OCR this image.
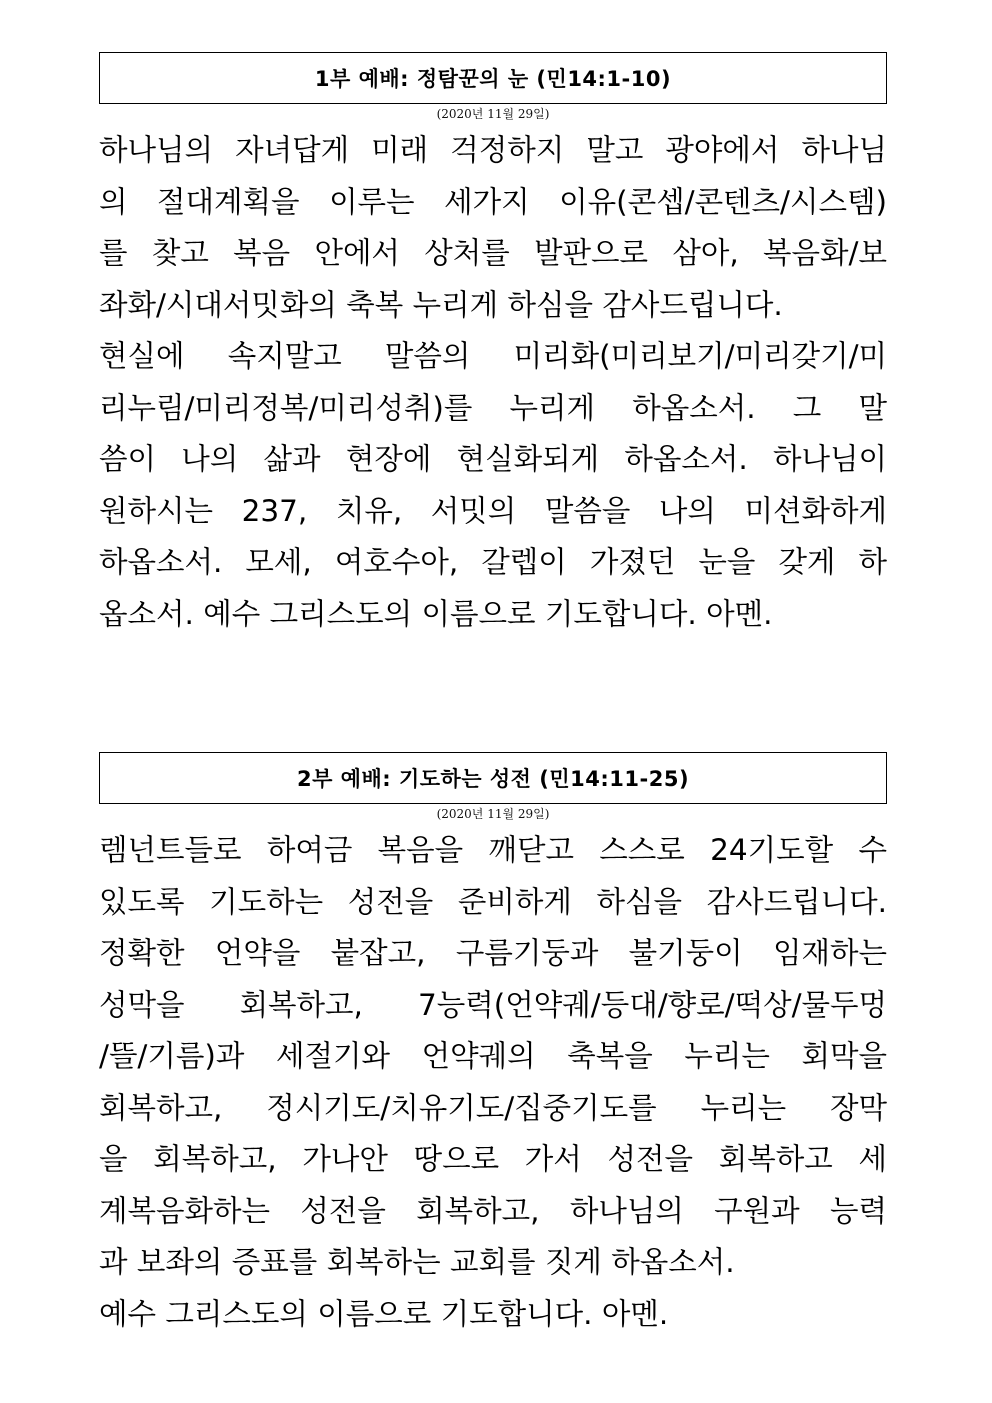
1부 예배: 정탐꾼의 눈 (민14:1-10)
(2020년 11월 29일)
하나님의 자녀답게 미래 걱정하지 말고 광야에서 하나님
의 절대계획을 이루는 세가지 이유(콘셉/콘텐츠/시스템)
를 찾고 복음 안에서 상처를 발판으로 삼아, 복음화/보
좌화/시대서밋화의 축복 누리게 하심을 감사드립니다.
현실에 속지말고 말씀의 미리화(미리보기/미리갖기/미
리누림/미리정복/미리성취)를 누리게 하옵소서. 그 말
씀이 나의 삶과 현장에 현실화되게 하옵소서. 하나님이
원하시는 237, 치유, 서밋의 말씀을 나의 미션화하게
하옵소서. 모세, 여호수아, 갈렙이 가졌던 눈을 갖게 하
옵소서. 예수 그리스도의 이름으로 기도합니다. 아멘.
2부 예배: 기도하는 성전 (민14:11-25)
(2020년 11월 29일)
렘넌트들로 하여금 복음을 깨닫고 스스로 24기도할 수
있도록 기도하는 성전을 준비하게 하심을 감사드립니다.
정확한 언약을 붙잡고, 구름기둥과 불기둥이 임재하는
성막을 회복하고, 7능력(언약궤/등대/향로/떡상/물두멍
/뜰/기름)과 세절기와 언약궤의 축복을 누리는 회막을
회복하고, 정시기도/치유기도/집중기도를 누리는 장막
을 회복하고, 가나안 땅으로 가서 성전을 회복하고 세
계복음화하는 성전을 회복하고, 하나님의 구원과 능력
과 보좌의 증표를 회복하는 교회를 짓게 하옵소서.
예수 그리스도의 이름으로 기도합니다. 아멘.
